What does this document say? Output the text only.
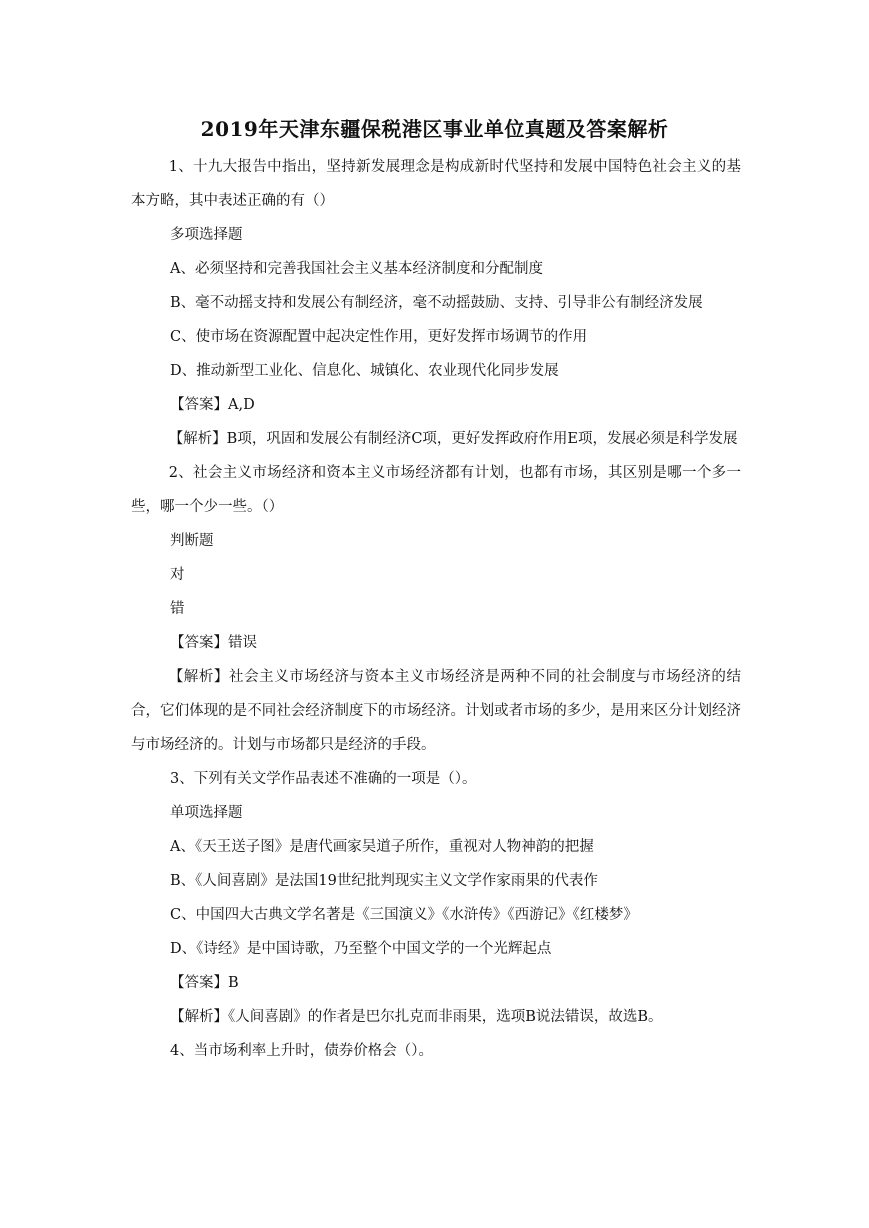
2019年天津东疆保税港区事业单位真题及答案解析

1、十九大报告中指出，坚持新发展理念是构成新时代坚持和发展中国特色社会主义的基本方略，其中表述正确的有（）

多项选择题

A、必须坚持和完善我国社会主义基本经济制度和分配制度

B、毫不动摇支持和发展公有制经济，毫不动摇鼓励、支持、引导非公有制经济发展

C、使市场在资源配置中起决定性作用，更好发挥市场调节的作用

D、推动新型工业化、信息化、城镇化、农业现代化同步发展

【答案】A,D

【解析】B项，巩固和发展公有制经济C项，更好发挥政府作用E项，发展必须是科学发展

2、社会主义市场经济和资本主义市场经济都有计划，也都有市场，其区别是哪一个多一些，哪一个少一些。（）

判断题

对

错

【答案】错误

【解析】社会主义市场经济与资本主义市场经济是两种不同的社会制度与市场经济的结合，它们体现的是不同社会经济制度下的市场经济。计划或者市场的多少，是用来区分计划经济与市场经济的。计划与市场都只是经济的手段。

3、下列有关文学作品表述不准确的一项是（）。

单项选择题

A、《天王送子图》是唐代画家吴道子所作，重视对人物神韵的把握

B、《人间喜剧》是法国19世纪批判现实主义文学作家雨果的代表作

C、中国四大古典文学名著是《三国演义》《水浒传》《西游记》《红楼梦》

D、《诗经》是中国诗歌，乃至整个中国文学的一个光辉起点

【答案】B

【解析】《人间喜剧》的作者是巴尔扎克而非雨果，选项B说法错误，故选B。

4、当市场利率上升时，债券价格会（）。
